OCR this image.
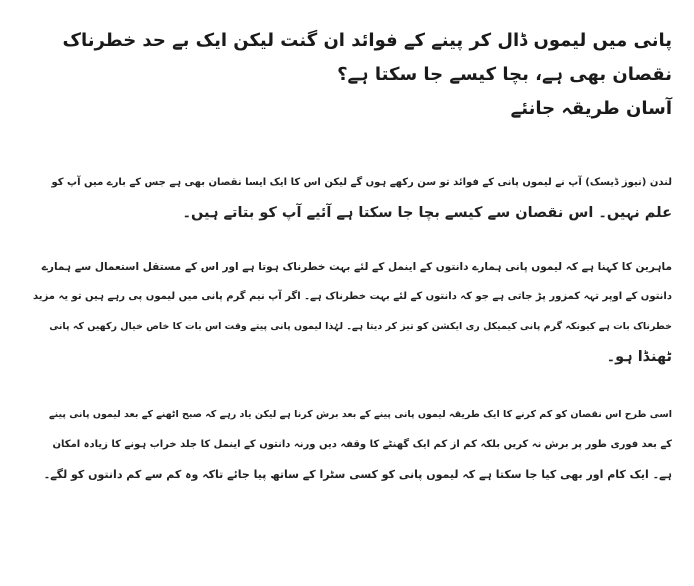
پانی میں لیموں ڈال کر پینے کے فوائد ان گنت لیکن ایک بے حد خطرناک نقصان بھی ہے، بچا کیسے جا سکتا ہے؟
آسان طریقہ جانئے

لندن (نیوز ڈیسک) آپ نے لیموں پانی کے فوائد تو سن رکھے ہوں گے لیکن اس کا ایک ایسا نقصان بھی ہے جس کے بارے میں آپ کو
علم نہیں۔ اس نقصان سے کیسے بچا جا سکتا ہے آئیے آپ کو بتاتے ہیں۔

ماہرین کا کہنا ہے کہ لیموں پانی ہمارے دانتوں کے اینمل کے لئے بہت خطرناک ہوتا ہے اور اس کے مستقل استعمال سے ہمارے
دانتوں کے اوپر تہہ کمزور پڑ جاتی ہے جو کہ دانتوں کے لئے بہت خطرناک ہے۔ اگر آپ نیم گرم پانی میں لیموں پی رہے ہیں تو یہ مزید
خطرناک بات ہے کیونکہ گرم پانی کیمیکل ری ایکشن کو تیز کر دیتا ہے۔ لہٰذا لیموں پانی پیتے وقت اس بات کا خاص خیال رکھیں کہ پانی
ٹھنڈا ہو۔

اسی طرح اس نقصان کو کم کرنے کا ایک طریقہ لیموں پانی پینے کے بعد برش کرنا ہے لیکن یاد رہے کہ صبح اٹھنے کے بعد لیموں پانی پینے
کے بعد فوری طور پر برش نہ کریں بلکہ کم از کم ایک گھنٹے کا وقفہ دیں ورنہ دانتوں کے اینمل کا جلد خراب ہونے کا زیادہ امکان
ہے۔ ایک کام اور بھی کیا جا سکتا ہے کہ لیموں پانی کو کسی سٹرا کے ساتھ پیا جائے تاکہ وہ کم سے کم دانتوں کو لگے۔
